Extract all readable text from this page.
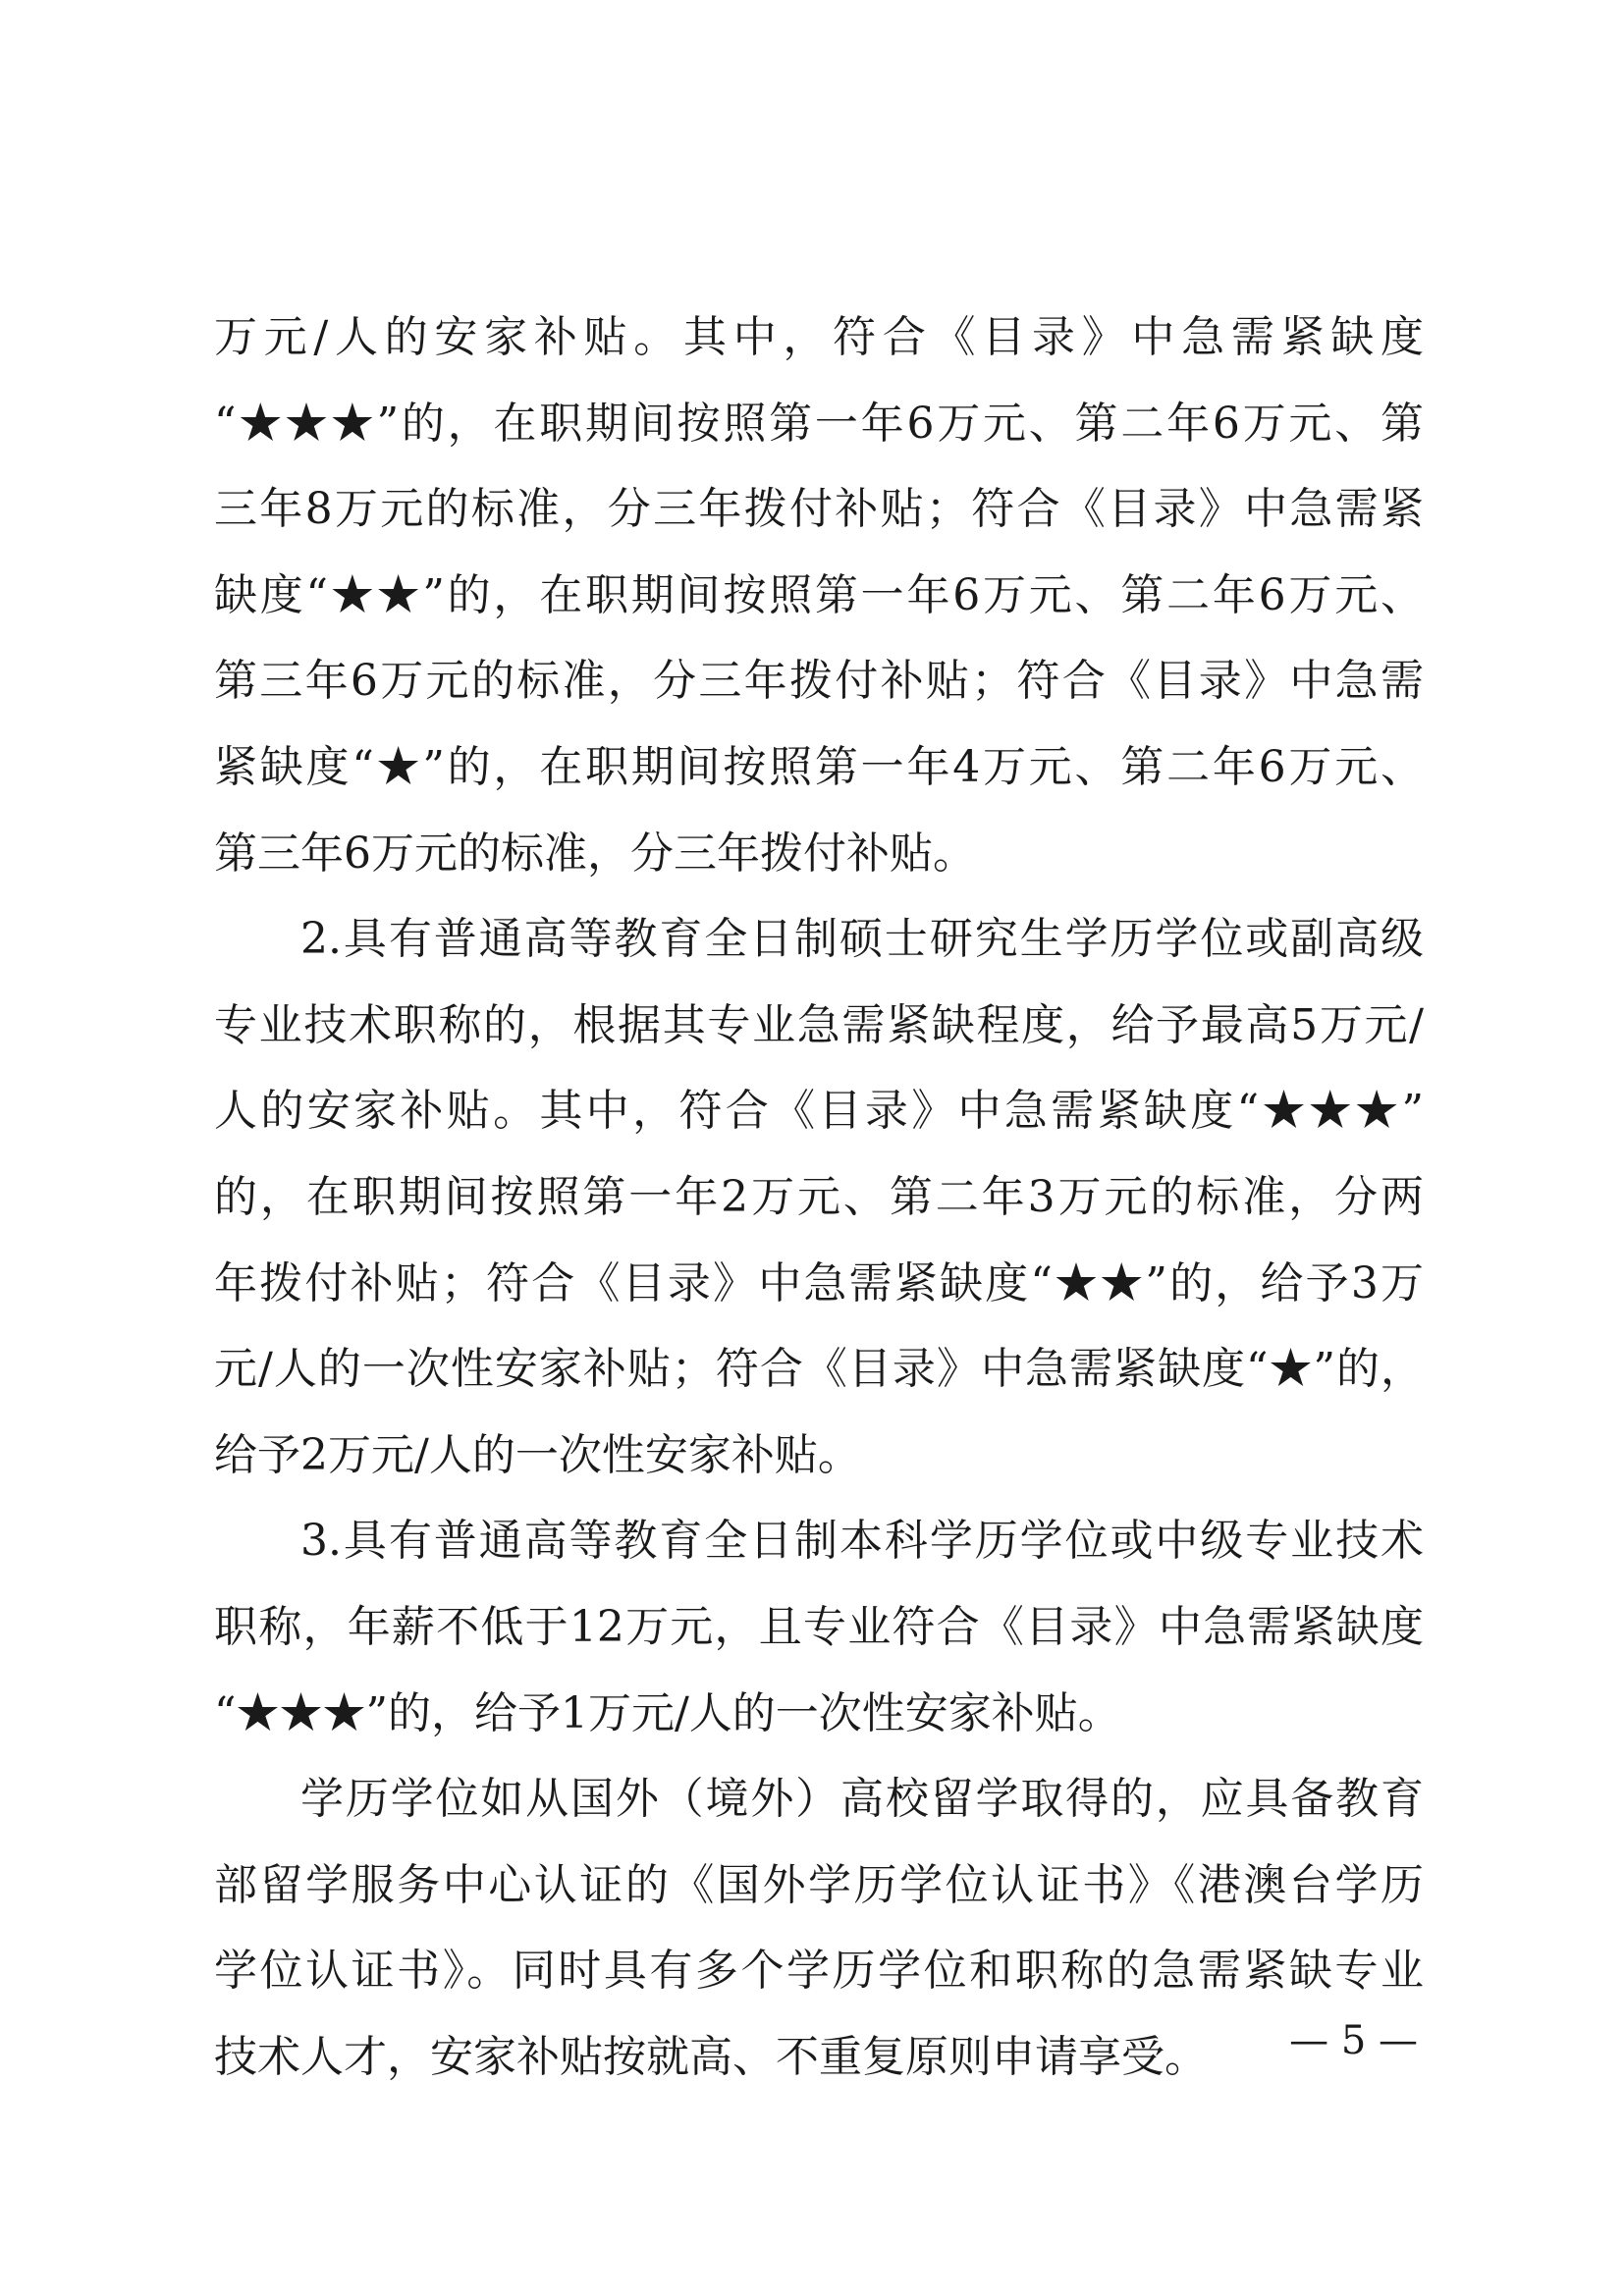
万元/人的安家补贴。其中，符合《目录》中急需紧缺度
“★★★”的，在职期间按照第一年6万元、第二年6万元、第
三年8万元的标准，分三年拨付补贴；符合《目录》中急需紧
缺度“★★”的，在职期间按照第一年6万元、第二年6万元、
第三年6万元的标准，分三年拨付补贴；符合《目录》中急需
紧缺度“★”的，在职期间按照第一年4万元、第二年6万元、
第三年6万元的标准，分三年拨付补贴。

2.具有普通高等教育全日制硕士研究生学历学位或副高级
专业技术职称的，根据其专业急需紧缺程度，给予最高5万元/
人的安家补贴。其中，符合《目录》中急需紧缺度“★★★”
的，在职期间按照第一年2万元、第二年3万元的标准，分两
年拨付补贴；符合《目录》中急需紧缺度“★★”的，给予3万
元/人的一次性安家补贴；符合《目录》中急需紧缺度“★”的，
给予2万元/人的一次性安家补贴。

3.具有普通高等教育全日制本科学历学位或中级专业技术
职称，年薪不低于12万元，且专业符合《目录》中急需紧缺度
“★★★”的，给予1万元/人的一次性安家补贴。

学历学位如从国外（境外）高校留学取得的，应具备教育
部留学服务中心认证的《国外学历学位认证书》《港澳台学历
学位认证书》。同时具有多个学历学位和职称的急需紧缺专业
技术人才，安家补贴按就高、不重复原则申请享受。	— 5 —
